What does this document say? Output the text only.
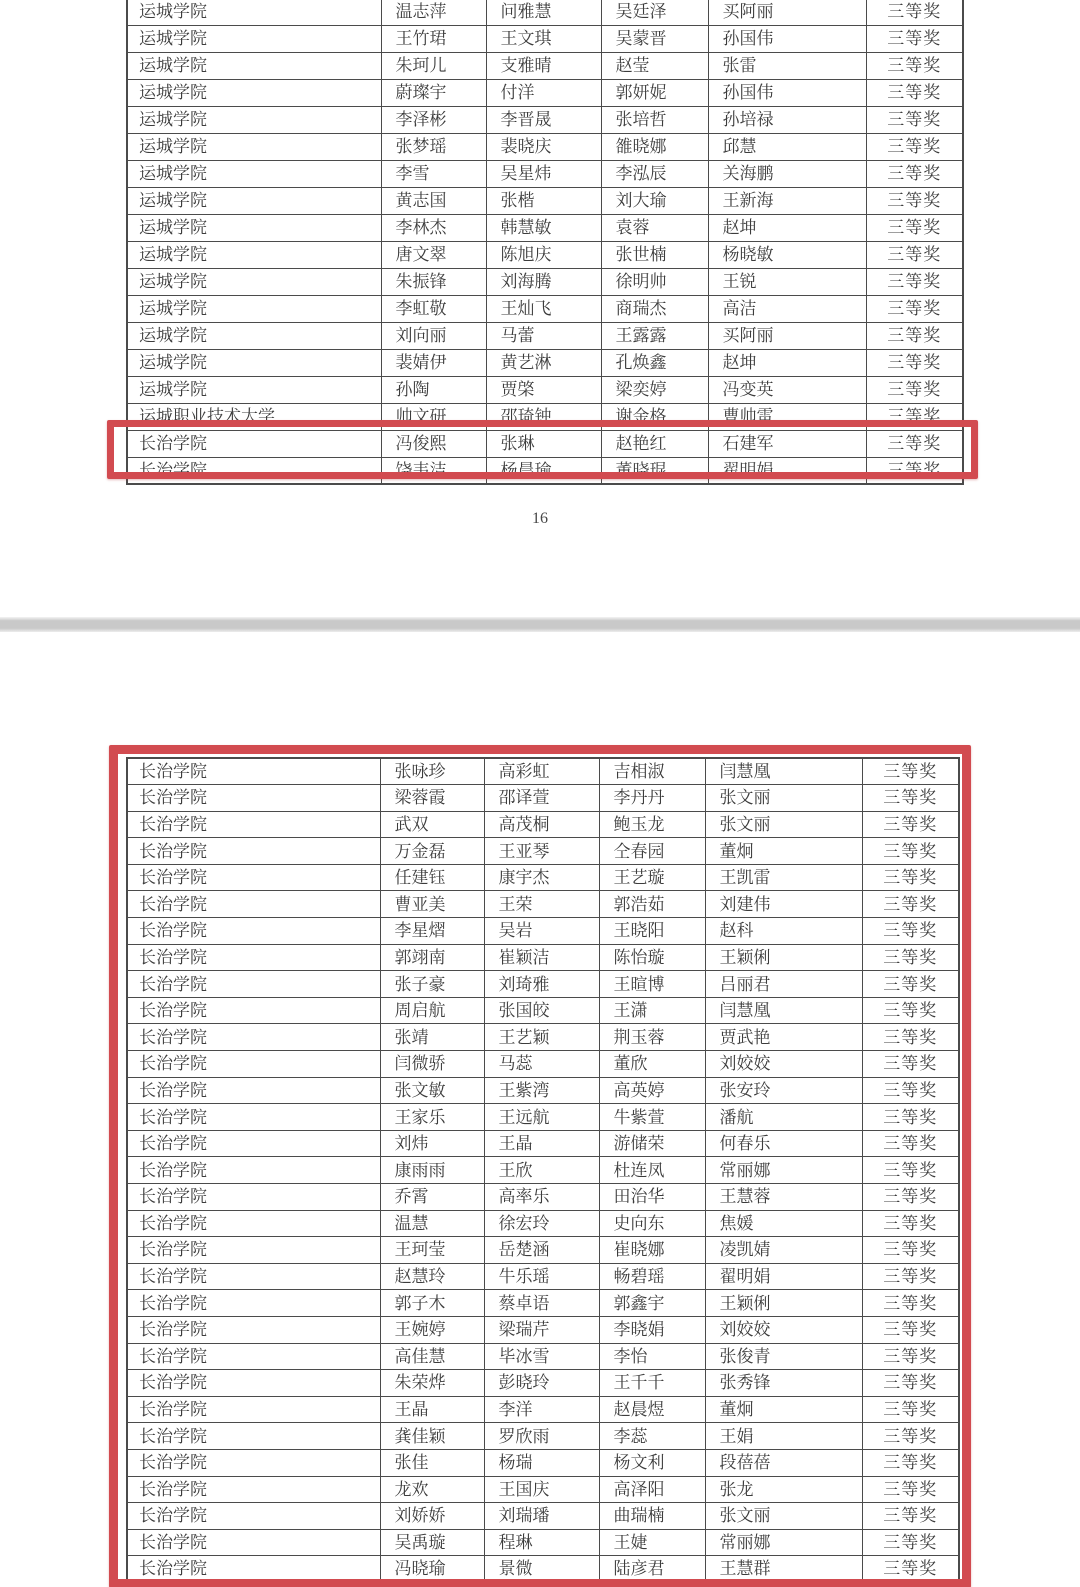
运城学院	温志萍	问雅慧	吴廷泽	买阿丽	三等奖
运城学院	王竹珺	王文琪	吴蒙晋	孙国伟	三等奖
运城学院	朱珂儿	支雅晴	赵莹	张雷	三等奖
运城学院	蔚璨宇	付洋	郭妍妮	孙国伟	三等奖
运城学院	李泽彬	李晋晟	张培哲	孙培禄	三等奖
运城学院	张梦瑶	裴晓庆	雒晓娜	邱慧	三等奖
运城学院	李雪	吴星炜	李泓辰	关海鹏	三等奖
运城学院	黄志国	张楷	刘大瑜	王新海	三等奖
运城学院	李林杰	韩慧敏	袁蓉	赵坤	三等奖
运城学院	唐文翠	陈旭庆	张世楠	杨晓敏	三等奖
运城学院	朱振锋	刘海腾	徐明帅	王锐	三等奖
运城学院	李虹敬	王灿飞	商瑞杰	高洁	三等奖
运城学院	刘向丽	马蕾	王露露	买阿丽	三等奖
运城学院	裴婧伊	黄艺淋	孔焕鑫	赵坤	三等奖
运城学院	孙陶	贾棨	梁奕婷	冯变英	三等奖
运城职业技术大学	帅文研	邵琦钟	谢金格	曹帅雷	三等奖
长治学院	冯俊熙	张琳	赵艳红	石建军	三等奖
长治学院	饶韦洁	杨晨瑜	董晓琨	翟明娟	三等奖
16
长治学院	张咏珍	高彩虹	吉相淑	闫慧凰	三等奖
长治学院	梁蓉霞	邵译萱	李丹丹	张文丽	三等奖
长治学院	武双	高茂桐	鲍玉龙	张文丽	三等奖
长治学院	万金磊	王亚琴	仝春园	董炯	三等奖
长治学院	任建钰	康宇杰	王艺璇	王凯雷	三等奖
长治学院	曹亚美	王荣	郭浩茹	刘建伟	三等奖
长治学院	李星熠	吴岩	王晓阳	赵科	三等奖
长治学院	郭翊南	崔颖洁	陈怡璇	王颖俐	三等奖
长治学院	张子豪	刘琦雅	王暄博	吕丽君	三等奖
长治学院	周启航	张国皎	王潇	闫慧凰	三等奖
长治学院	张靖	王艺颖	荆玉蓉	贾武艳	三等奖
长治学院	闫微骄	马蕊	董欣	刘姣姣	三等奖
长治学院	张文敏	王紫湾	高英婷	张安玲	三等奖
长治学院	王家乐	王远航	牛紫萱	潘航	三等奖
长治学院	刘炜	王晶	游储荣	何春乐	三等奖
长治学院	康雨雨	王欣	杜连凤	常丽娜	三等奖
长治学院	乔霄	高率乐	田治华	王慧蓉	三等奖
长治学院	温慧	徐宏玲	史向东	焦媛	三等奖
长治学院	王珂莹	岳楚涵	崔晓娜	凌凯婧	三等奖
长治学院	赵慧玲	牛乐瑶	畅碧瑶	翟明娟	三等奖
长治学院	郭子木	蔡卓语	郭鑫宇	王颖俐	三等奖
长治学院	王婉婷	梁瑞芹	李晓娟	刘姣姣	三等奖
长治学院	高佳慧	毕冰雪	李怡	张俊青	三等奖
长治学院	朱荣烨	彭晓玲	王千千	张秀锋	三等奖
长治学院	王晶	李洋	赵晨煜	董炯	三等奖
长治学院	龚佳颖	罗欣雨	李蕊	王娟	三等奖
长治学院	张佳	杨瑞	杨文利	段蓓蓓	三等奖
长治学院	龙欢	王国庆	高泽阳	张龙	三等奖
长治学院	刘娇娇	刘瑞璠	曲瑞楠	张文丽	三等奖
长治学院	吴禹璇	程琳	王婕	常丽娜	三等奖
长治学院	冯晓瑜	景微	陆彦君	王慧群	三等奖
